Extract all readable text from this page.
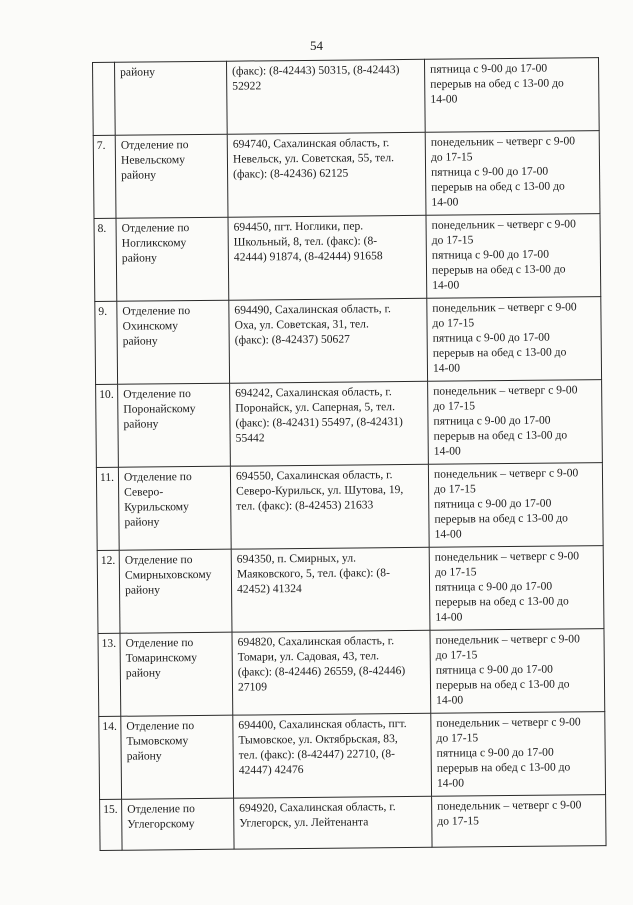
54

	району	(факс): (8-42443) 50315, (8-42443)
52922	пятница с 9-00 до 17-00
перерыв на обед с 13-00 до
14-00

7.	Отделение по
Невельскому
району	694740, Сахалинская область, г.
Невельск, ул. Советская, 55, тел.
(факс): (8-42436) 62125	понедельник – четверг с 9-00
до 17-15
пятница с 9-00 до 17-00
перерыв на обед с 13-00 до
14-00

8.	Отделение по
Ногликскому
району	694450, пгт. Ноглики, пер.
Школьный, 8, тел. (факс): (8-
42444) 91874, (8-42444) 91658	понедельник – четверг с 9-00
до 17-15
пятница с 9-00 до 17-00
перерыв на обед с 13-00 до
14-00

9.	Отделение по
Охинскому
району	694490, Сахалинская область, г.
Оха, ул. Советская, 31, тел.
(факс): (8-42437) 50627	понедельник – четверг с 9-00
до 17-15
пятница с 9-00 до 17-00
перерыв на обед с 13-00 до
14-00

10.	Отделение по
Поронайскому
району	694242, Сахалинская область, г.
Поронайск, ул. Саперная, 5, тел.
(факс): (8-42431) 55497, (8-42431)
55442	понедельник – четверг с 9-00
до 17-15
пятница с 9-00 до 17-00
перерыв на обед с 13-00 до
14-00

11.	Отделение по
Северо-
Курильскому
району	694550, Сахалинская область, г.
Северо-Курильск, ул. Шутова, 19,
тел. (факс): (8-42453) 21633	понедельник – четверг с 9-00
до 17-15
пятница с 9-00 до 17-00
перерыв на обед с 13-00 до
14-00

12.	Отделение по
Смирныховскому
району	694350, п. Смирных, ул.
Маяковского, 5, тел. (факс): (8-
42452) 41324	понедельник – четверг с 9-00
до 17-15
пятница с 9-00 до 17-00
перерыв на обед с 13-00 до
14-00

13.	Отделение по
Томаринскому
району	694820, Сахалинская область, г.
Томари, ул. Садовая, 43, тел.
(факс): (8-42446) 26559, (8-42446)
27109	понедельник – четверг с 9-00
до 17-15
пятница с 9-00 до 17-00
перерыв на обед с 13-00 до
14-00

14.	Отделение по
Тымовскому
району	694400, Сахалинская область, пгт.
Тымовское, ул. Октябрьская, 83,
тел. (факс): (8-42447) 22710, (8-
42447) 42476	понедельник – четверг с 9-00
до 17-15
пятница с 9-00 до 17-00
перерыв на обед с 13-00 до
14-00

15.	Отделение по
Углегорскому	694920, Сахалинская область, г.
Углегорск, ул. Лейтенанта	понедельник – четверг с 9-00
до 17-15
